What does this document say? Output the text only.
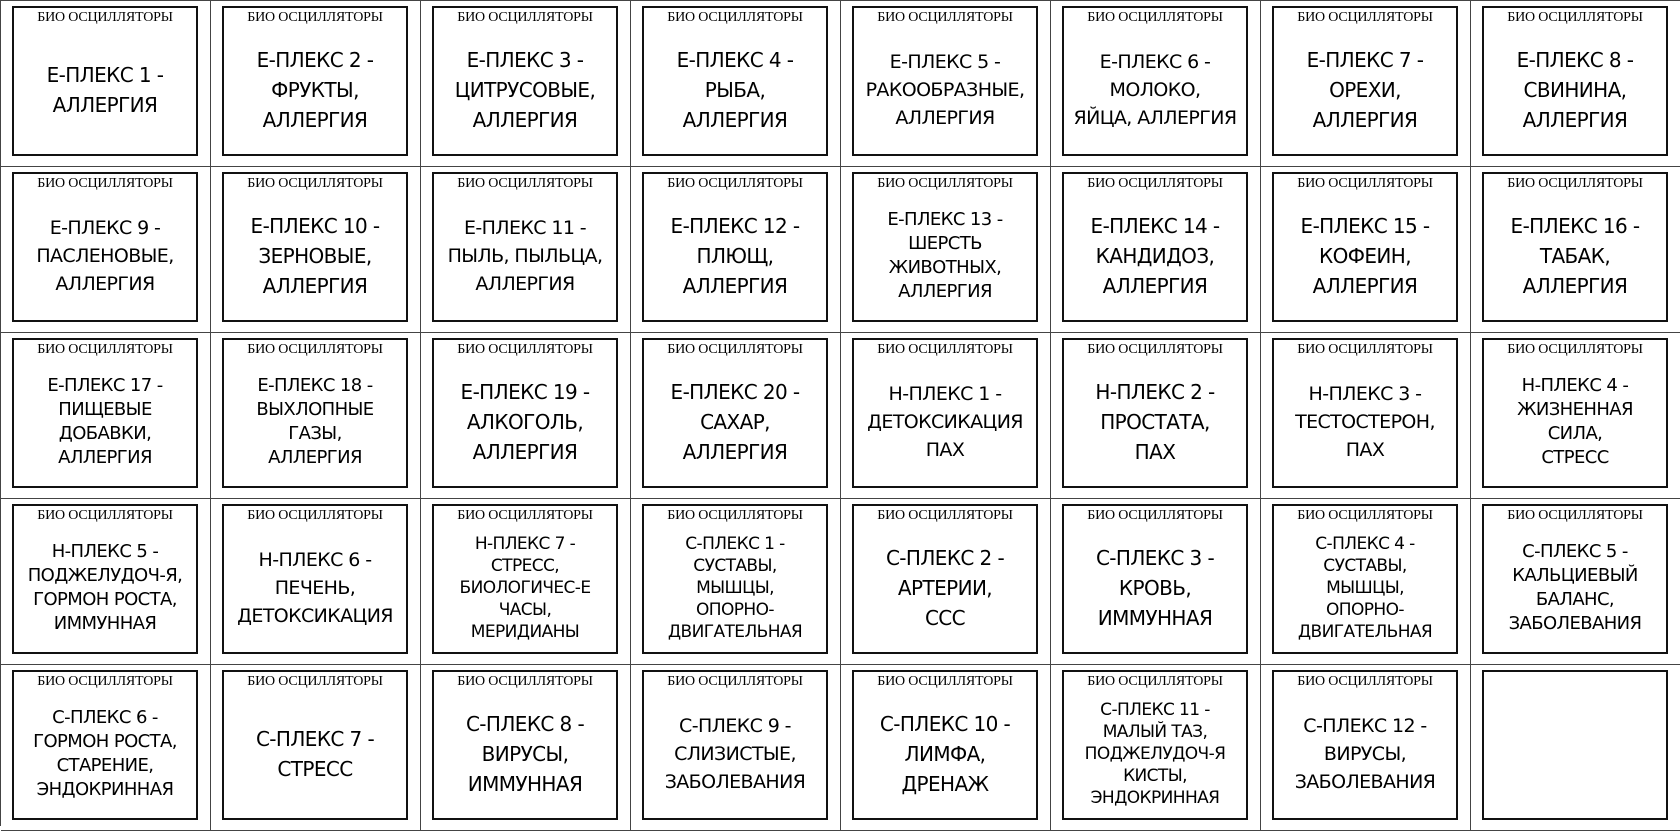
БИО ОСЦИЛЛЯТОРЫ
Е-ПЛЕКС 1 -
АЛЛЕРГИЯ
БИО ОСЦИЛЛЯТОРЫ
Е-ПЛЕКС 2 -
ФРУКТЫ,
АЛЛЕРГИЯ
БИО ОСЦИЛЛЯТОРЫ
Е-ПЛЕКС 3 -
ЦИТРУСОВЫЕ,
АЛЛЕРГИЯ
БИО ОСЦИЛЛЯТОРЫ
Е-ПЛЕКС 4 -
РЫБА,
АЛЛЕРГИЯ
БИО ОСЦИЛЛЯТОРЫ
Е-ПЛЕКС 5 -
РАКООБРАЗНЫЕ,
АЛЛЕРГИЯ
БИО ОСЦИЛЛЯТОРЫ
Е-ПЛЕКС 6 -
МОЛОКО,
ЯЙЦА, АЛЛЕРГИЯ
БИО ОСЦИЛЛЯТОРЫ
Е-ПЛЕКС 7 -
ОРЕХИ,
АЛЛЕРГИЯ
БИО ОСЦИЛЛЯТОРЫ
Е-ПЛЕКС 8 -
СВИНИНА,
АЛЛЕРГИЯ
БИО ОСЦИЛЛЯТОРЫ
Е-ПЛЕКС 9 -
ПАСЛЕНОВЫЕ,
АЛЛЕРГИЯ
БИО ОСЦИЛЛЯТОРЫ
Е-ПЛЕКС 10 -
ЗЕРНОВЫЕ,
АЛЛЕРГИЯ
БИО ОСЦИЛЛЯТОРЫ
Е-ПЛЕКС 11 -
ПЫЛЬ, ПЫЛЬЦА,
АЛЛЕРГИЯ
БИО ОСЦИЛЛЯТОРЫ
Е-ПЛЕКС 12 -
ПЛЮЩ,
АЛЛЕРГИЯ
БИО ОСЦИЛЛЯТОРЫ
Е-ПЛЕКС 13 -
ШЕРСТЬ
ЖИВОТНЫХ,
АЛЛЕРГИЯ
БИО ОСЦИЛЛЯТОРЫ
Е-ПЛЕКС 14 -
КАНДИДОЗ,
АЛЛЕРГИЯ
БИО ОСЦИЛЛЯТОРЫ
Е-ПЛЕКС 15 -
КОФЕИН,
АЛЛЕРГИЯ
БИО ОСЦИЛЛЯТОРЫ
Е-ПЛЕКС 16 -
ТАБАК,
АЛЛЕРГИЯ
БИО ОСЦИЛЛЯТОРЫ
Е-ПЛЕКС 17 -
ПИЩЕВЫЕ
ДОБАВКИ,
АЛЛЕРГИЯ
БИО ОСЦИЛЛЯТОРЫ
Е-ПЛЕКС 18 -
ВЫХЛОПНЫЕ
ГАЗЫ,
АЛЛЕРГИЯ
БИО ОСЦИЛЛЯТОРЫ
Е-ПЛЕКС 19 -
АЛКОГОЛЬ,
АЛЛЕРГИЯ
БИО ОСЦИЛЛЯТОРЫ
Е-ПЛЕКС 20 -
САХАР,
АЛЛЕРГИЯ
БИО ОСЦИЛЛЯТОРЫ
Н-ПЛЕКС 1 -
ДЕТОКСИКАЦИЯ
ПАХ
БИО ОСЦИЛЛЯТОРЫ
Н-ПЛЕКС 2 -
ПРОСТАТА,
ПАХ
БИО ОСЦИЛЛЯТОРЫ
Н-ПЛЕКС 3 -
ТЕСТОСТЕРОН,
ПАХ
БИО ОСЦИЛЛЯТОРЫ
Н-ПЛЕКС 4 -
ЖИЗНЕННАЯ
СИЛА,
СТРЕСС
БИО ОСЦИЛЛЯТОРЫ
Н-ПЛЕКС 5 -
ПОДЖЕЛУДОЧ-Я,
ГОРМОН РОСТА,
ИММУННАЯ
БИО ОСЦИЛЛЯТОРЫ
Н-ПЛЕКС 6 -
ПЕЧЕНЬ,
ДЕТОКСИКАЦИЯ
БИО ОСЦИЛЛЯТОРЫ
Н-ПЛЕКС 7 -
СТРЕСС,
БИОЛОГИЧЕС-Е
ЧАСЫ,
МЕРИДИАНЫ
БИО ОСЦИЛЛЯТОРЫ
С-ПЛЕКС 1 -
СУСТАВЫ,
МЫШЦЫ,
ОПОРНО-
ДВИГАТЕЛЬНАЯ
БИО ОСЦИЛЛЯТОРЫ
С-ПЛЕКС 2 -
АРТЕРИИ,
ССС
БИО ОСЦИЛЛЯТОРЫ
С-ПЛЕКС 3 -
КРОВЬ,
ИММУННАЯ
БИО ОСЦИЛЛЯТОРЫ
С-ПЛЕКС 4 -
СУСТАВЫ,
МЫШЦЫ,
ОПОРНО-
ДВИГАТЕЛЬНАЯ
БИО ОСЦИЛЛЯТОРЫ
С-ПЛЕКС 5 -
КАЛЬЦИЕВЫЙ
БАЛАНС,
ЗАБОЛЕВАНИЯ
БИО ОСЦИЛЛЯТОРЫ
С-ПЛЕКС 6 -
ГОРМОН РОСТА,
СТАРЕНИЕ,
ЭНДОКРИННАЯ
БИО ОСЦИЛЛЯТОРЫ
С-ПЛЕКС 7 -
СТРЕСС
БИО ОСЦИЛЛЯТОРЫ
С-ПЛЕКС 8 -
ВИРУСЫ,
ИММУННАЯ
БИО ОСЦИЛЛЯТОРЫ
С-ПЛЕКС 9 -
СЛИЗИСТЫЕ,
ЗАБОЛЕВАНИЯ
БИО ОСЦИЛЛЯТОРЫ
С-ПЛЕКС 10 -
ЛИМФА,
ДРЕНАЖ
БИО ОСЦИЛЛЯТОРЫ
С-ПЛЕКС 11 -
МАЛЫЙ ТАЗ,
ПОДЖЕЛУДОЧ-Я
КИСТЫ,
ЭНДОКРИННАЯ
БИО ОСЦИЛЛЯТОРЫ
С-ПЛЕКС 12 -
ВИРУСЫ,
ЗАБОЛЕВАНИЯ
